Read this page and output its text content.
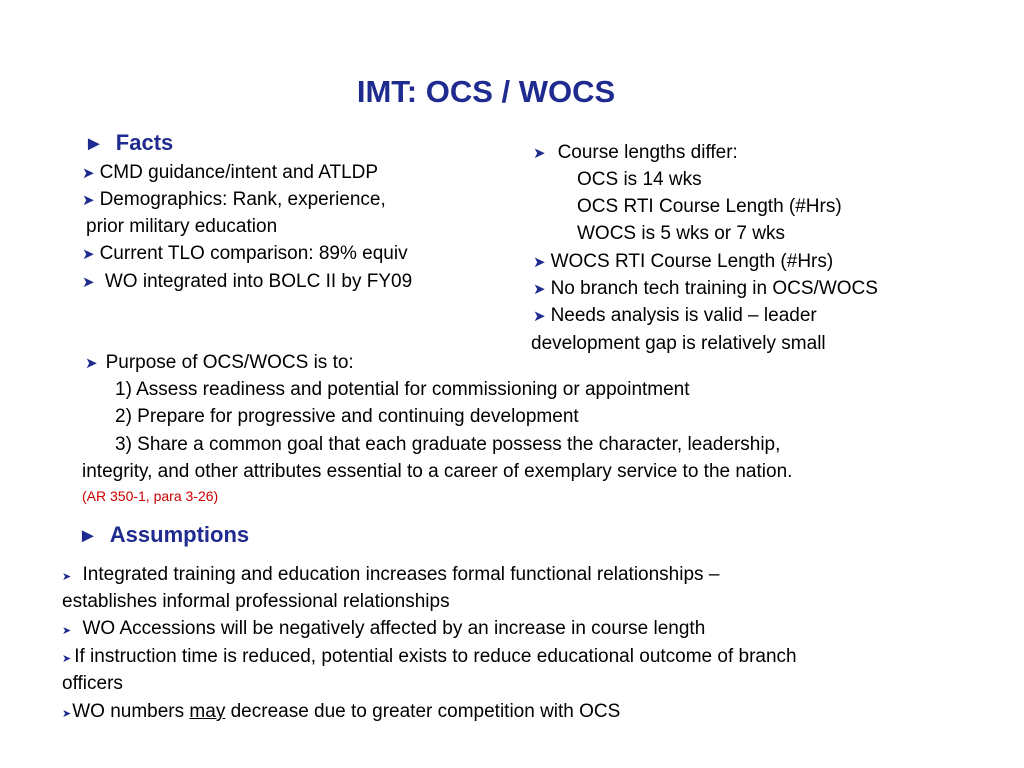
IMT: OCS / WOCS
► Facts
➤ CMD guidance/intent and ATLDP
➤ Demographics: Rank, experience,
prior military education
➤ Current TLO comparison: 89% equiv
➤ WO integrated into BOLC II by FY09
➤ Course lengths differ:
OCS is 14 wks
OCS RTI Course Length (#Hrs)
WOCS is 5 wks or 7 wks
➤ WOCS RTI Course Length (#Hrs)
➤ No branch tech training in OCS/WOCS
➤ Needs analysis is valid – leader
development gap is relatively small
➤ Purpose of OCS/WOCS is to:
1) Assess readiness and potential for commissioning or appointment
2) Prepare for progressive and continuing development
3) Share a common goal that each graduate possess the character, leadership,
integrity, and other attributes essential to a career of exemplary service to the nation.
(AR 350-1, para 3-26)
► Assumptions
➤ Integrated training and education increases formal functional relationships –
establishes informal professional relationships
➤ WO Accessions will be negatively affected by an increase in course length
➤ If instruction time is reduced, potential exists to reduce educational outcome of branch
officers
➤WO numbers may decrease due to greater competition with OCS
